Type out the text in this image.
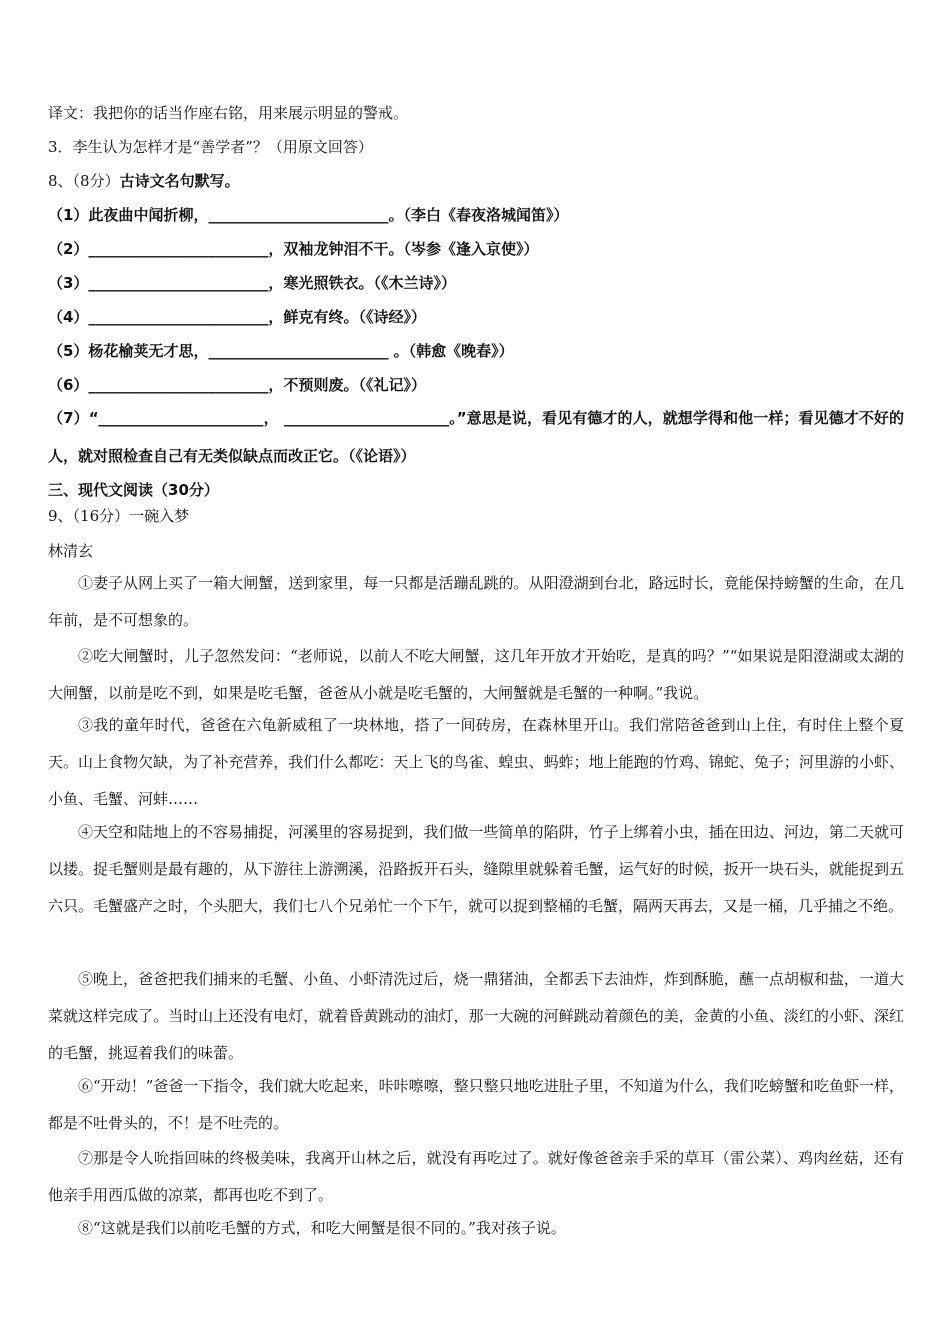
译文：我把你的话当作座右铭，用来展示明显的警戒。
3．李生认为怎样才是“善学者”？（用原文回答）
8、（8分）古诗文名句默写。
（1）此夜曲中闻折柳，________________________。（李白《春夜洛城闻笛》）
（2）________________________，双袖龙钟泪不干。（岑参《逢入京使》）
（3）________________________，寒光照铁衣。（《木兰诗》）
（4）________________________，鲜克有终。（《诗经》）
（5）杨花榆荚无才思，________________________ 。（韩愈《晚春》）
（6）________________________，不预则废。（《礼记》）
（7）“______________________， ______________________。”意思是说，看见有德才的人，就想学得和他一样；看见德才不好的人，就对照检查自己有无类似缺点而改正它。（《论语》）
三、现代文阅读（30分）
9、（16分）一碗入梦
林清玄
①妻子从网上买了一箱大闸蟹，送到家里，每一只都是活蹦乱跳的。从阳澄湖到台北，路远时长，竟能保持螃蟹的生命，在几年前，是不可想象的。
②吃大闸蟹时，儿子忽然发问：“老师说，以前人不吃大闸蟹，这几年开放才开始吃，是真的吗？”“如果说是阳澄湖或太湖的大闸蟹，以前是吃不到，如果是吃毛蟹，爸爸从小就是吃毛蟹的，大闸蟹就是毛蟹的一种啊。”我说。
③我的童年时代，爸爸在六龟新威租了一块林地，搭了一间砖房，在森林里开山。我们常陪爸爸到山上住，有时住上整个夏天。山上食物欠缺，为了补充营养，我们什么都吃：天上飞的鸟雀、蝗虫、蚂蚱；地上能跑的竹鸡、锦蛇、兔子；河里游的小虾、小鱼、毛蟹、河蚌……
④天空和陆地上的不容易捕捉，河溪里的容易捉到，我们做一些简单的陷阱，竹子上绑着小虫，插在田边、河边，第二天就可以搂。捉毛蟹则是最有趣的，从下游往上游溯溪，沿路扳开石头，缝隙里就躲着毛蟹，运气好的时候，扳开一块石头，就能捉到五六只。毛蟹盛产之时，个头肥大，我们七八个兄弟忙一个下午，就可以捉到整桶的毛蟹，隔两天再去，又是一桶，几乎捕之不绝。
⑤晚上，爸爸把我们捕来的毛蟹、小鱼、小虾清洗过后，烧一鼎猪油，全都丢下去油炸，炸到酥脆，蘸一点胡椒和盐，一道大菜就这样完成了。当时山上还没有电灯，就着昏黄跳动的油灯，那一大碗的河鲜跳动着颜色的美，金黄的小鱼、淡红的小虾、深红的毛蟹，挑逗着我们的味蕾。
⑥“开动！”爸爸一下指令，我们就大吃起来，咔咔嚓嚓，整只整只地吃进肚子里，不知道为什么，我们吃螃蟹和吃鱼虾一样，都是不吐骨头的，不！是不吐壳的。
⑦那是令人吮指回味的终极美味，我离开山林之后，就没有再吃过了。就好像爸爸亲手采的草耳（雷公菜）、鸡肉丝菇，还有他亲手用西瓜做的凉菜，都再也吃不到了。
⑧“这就是我们以前吃毛蟹的方式，和吃大闸蟹是很不同的。”我对孩子说。
